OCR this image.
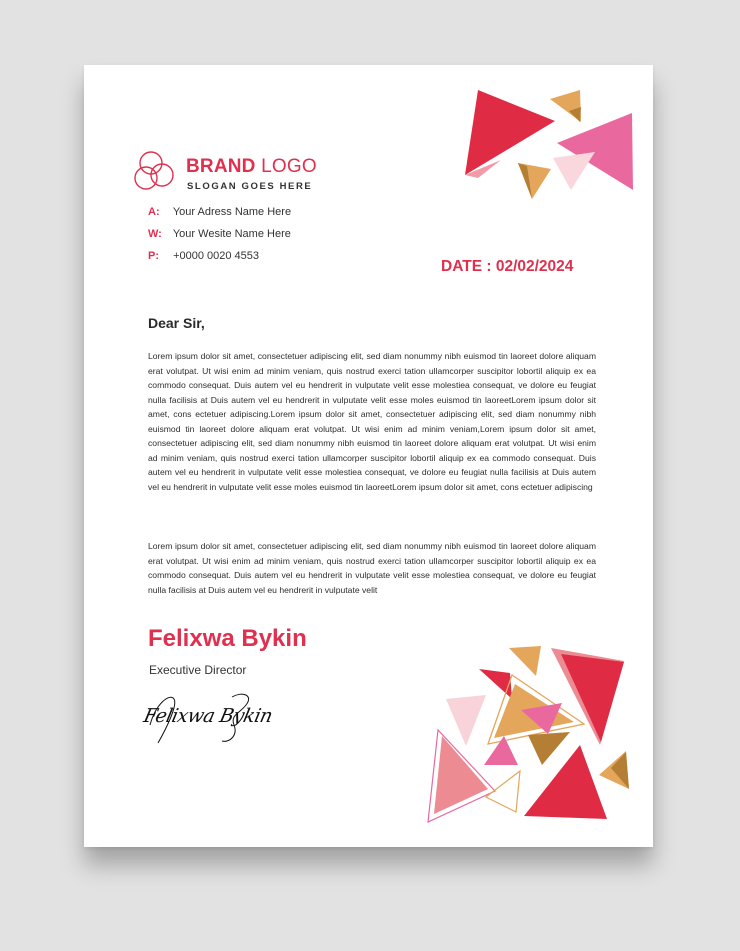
BRAND LOGO
SLOGAN GOES HERE
A: Your Adress Name Here
W: Your Wesite Name Here
P: +0000 0020 4553
DATE : 02/02/2024
Dear Sir,
Lorem ipsum dolor sit amet, consectetuer adipiscing elit, sed diam nonummy nibh euismod tin laoreet dolore aliquam erat volutpat. Ut wisi enim ad minim veniam, quis nostrud exerci tation ullamcorper suscipitor lobortil aliquip ex ea commodo consequat. Duis autem vel eu hendrerit in vulputate velit esse molestiea consequat, ve dolore eu feugiat nulla facilisis at Duis autem vel eu hendrerit in vulputate velit esse moles euismod tin laoreetLorem ipsum dolor sit amet, cons ectetuer adipiscing.Lorem ipsum dolor sit amet, consectetuer adipiscing elit, sed diam nonummy nibh euismod tin laoreet dolore aliquam erat volutpat. Ut wisi enim ad minim veniam,Lorem ipsum dolor sit amet, consectetuer adipiscing elit, sed diam nonummy nibh euismod tin laoreet dolore aliquam erat volutpat. Ut wisi enim ad minim veniam, quis nostrud exerci tation ullamcorper suscipitor lobortil aliquip ex ea commodo consequat. Duis autem vel eu hendrerit in vulputate velit esse molestiea consequat, ve dolore eu feugiat nulla facilisis at Duis autem vel eu hendrerit in vulputate velit esse moles euismod tin laoreetLorem ipsum dolor sit amet, cons ectetuer adipiscing
Lorem ipsum dolor sit amet, consectetuer adipiscing elit, sed diam nonummy nibh euismod tin laoreet dolore aliquam erat volutpat. Ut wisi enim ad minim veniam, quis nostrud exerci tation ullamcorper suscipitor lobortil aliquip ex ea commodo consequat. Duis autem vel eu hendrerit in vulputate velit esse molestiea consequat, ve dolore eu feugiat nulla facilisis at Duis autem vel eu hendrerit in vulputate velit
Felixwa Bykin
Executive Director
Felixwa Bykin
